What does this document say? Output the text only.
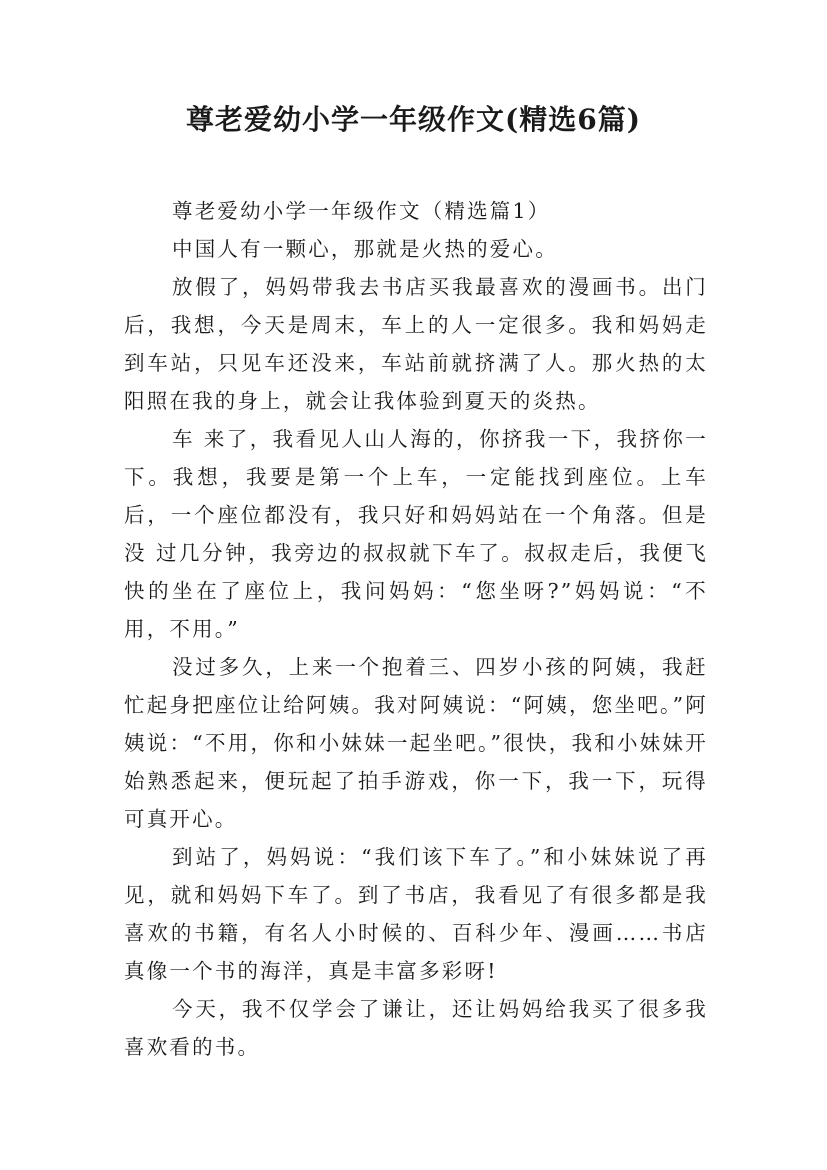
尊老爱幼小学一年级作文(精选6篇)

尊老爱幼小学一年级作文（精选篇1）

中国人有一颗心，那就是火热的爱心。

放假了，妈妈带我去书店买我最喜欢的漫画书。出门后，我想，今天是周末，车上的人一定很多。我和妈妈走到车站，只见车还没来，车站前就挤满了人。那火热的太阳照在我的身上，就会让我体验到夏天的炎热。

车 来了，我看见人山人海的，你挤我一下，我挤你一下。我想，我要是第一个上车，一定能找到座位。上车后，一个座位都没有，我只好和妈妈站在一个角落。但是没 过几分钟，我旁边的叔叔就下车了。叔叔走后，我便飞快的坐在了座位上，我问妈妈：“您坐呀?”妈妈说：“不用，不用。”

没过多久，上来一个抱着三、四岁小孩的阿姨，我赶忙起身把座位让给阿姨。我对阿姨说：“阿姨，您坐吧。”阿姨说：“不用，你和小妹妹一起坐吧。”很快，我和小妹妹开始熟悉起来，便玩起了拍手游戏，你一下，我一下，玩得可真开心。

到站了，妈妈说：“我们该下车了。”和小妹妹说了再见，就和妈妈下车了。到了书店，我看见了有很多都是我喜欢的书籍，有名人小时候的、百科少年、漫画……书店真像一个书的海洋，真是丰富多彩呀!

今天，我不仅学会了谦让，还让妈妈给我买了很多我喜欢看的书。
